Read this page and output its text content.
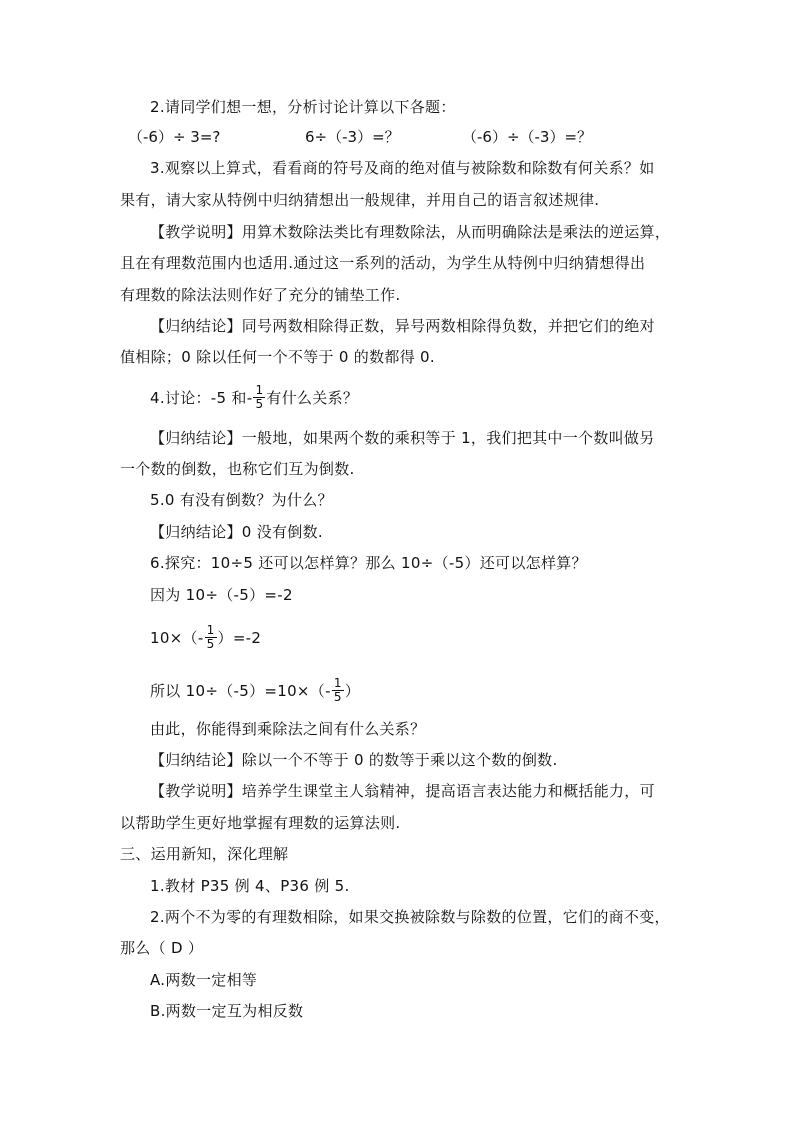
2.请同学们想一想，分析讨论计算以下各题：
（-6）÷ 3=?	6÷（-3）=？	（-6）÷（-3）=？
3.观察以上算式，看看商的符号及商的绝对值与被除数和除数有何关系？如
果有，请大家从特例中归纳猜想出一般规律，并用自己的语言叙述规律.
【教学说明】用算术数除法类比有理数除法，从而明确除法是乘法的逆运算，
且在有理数范围内也适用.通过这一系列的活动，为学生从特例中归纳猜想得出
有理数的除法法则作好了充分的铺垫工作.
【归纳结论】同号两数相除得正数，异号两数相除得负数，并把它们的绝对
值相除；0 除以任何一个不等于 0 的数都得 0.
4.讨论：-5 和- $\frac{1}{5}$ 有什么关系？
【归纳结论】一般地，如果两个数的乘积等于 1，我们把其中一个数叫做另
一个数的倒数，也称它们互为倒数.
5.0 有没有倒数？为什么？
【归纳结论】0 没有倒数.
6.探究：10÷5 还可以怎样算？那么 10÷（-5）还可以怎样算？
因为 10÷（-5）=-2
$10\times(- \frac{1}{5} )=-2$
所以 $10\div(-5)=10\times(- \frac{1}{5}$ ）
由此，你能得到乘除法之间有什么关系？
【归纳结论】除以一个不等于 0 的数等于乘以这个数的倒数.
【教学说明】培养学生课堂主人翁精神，提高语言表达能力和概括能力，可
以帮助学生更好地掌握有理数的运算法则.
三、运用新知，深化理解
1.教材 P35 例 4、P36 例 5.
2.两个不为零的有理数相除，如果交换被除数与除数的位置，它们的商不变，
那么（ D ）
A.两数一定相等
B.两数一定互为相反数
